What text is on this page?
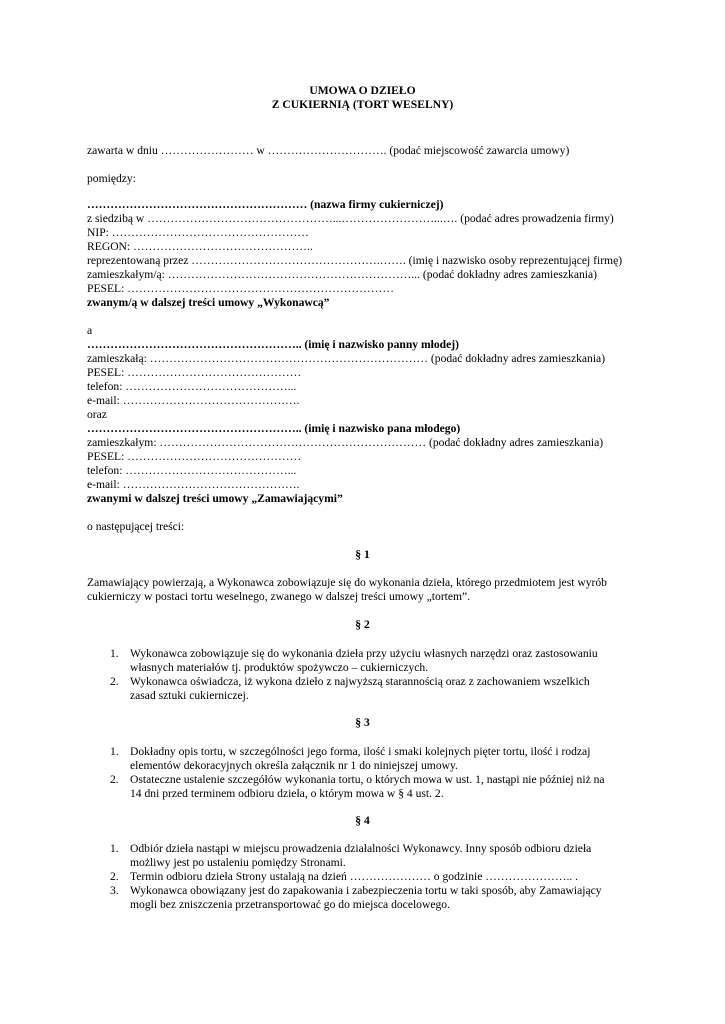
UMOWA O DZIEŁO
Z CUKIERNIĄ (TORT WESELNY)
zawarta w dniu …………………… w …………………………. (podać miejscowość zawarcia umowy)
pomiędzy:
………………………………………………… (nazwa firmy cukierniczej)
z siedzibą w …………………………………………...……………………...…. (podać adres prowadzenia firmy)
NIP: ……………………………………………
REGON: ………………………………………..
reprezentowaną przez ………………………………………….……. (imię i nazwisko osoby reprezentującej firmę)
zamieszkałym/ą: ………………………………………………………... (podać dokładny adres zamieszkania)
PESEL: ……………………………………………………………
zwanym/ą w dalszej treści umowy „Wykonawcą”
a
……………………………………………….. (imię i nazwisko panny młodej)
zamieszkałą: ……………………………………………………………… (podać dokładny adres zamieszkania)
PESEL: ………………………………………
telefon: ……………………………………...
e-mail: ……………………………………….
oraz
……………………………………………….. (imię i nazwisko pana młodego)
zamieszkałym: …………………………………………………………… (podać dokładny adres zamieszkania)
PESEL: ………………………………………
telefon: ……………………………………...
e-mail: ……………………………………….
zwanymi w dalszej treści umowy „Zamawiającymi”
o następującej treści:
§ 1
Zamawiający powierzają, a Wykonawca zobowiązuje się do wykonania dzieła, którego przedmiotem jest wyrób
cukierniczy w postaci tortu weselnego, zwanego w dalszej treści umowy „tortem”.
§ 2
1. Wykonawca zobowiązuje się do wykonania dzieła przy użyciu własnych narzędzi oraz zastosowaniu
własnych materiałów tj. produktów spożywczo – cukierniczych.
2. Wykonawca oświadcza, iż wykona dzieło z najwyższą starannością oraz z zachowaniem wszelkich
zasad sztuki cukierniczej.
§ 3
1. Dokładny opis tortu, w szczególności jego forma, ilość i smaki kolejnych pięter tortu, ilość i rodzaj
elementów dekoracyjnych określa załącznik nr 1 do niniejszej umowy.
2. Ostateczne ustalenie szczegółów wykonania tortu, o których mowa w ust. 1, nastąpi nie później niż na
14 dni przed terminem odbioru dzieła, o którym mowa w § 4 ust. 2.
§ 4
1. Odbiór dzieła nastąpi w miejscu prowadzenia działalności Wykonawcy. Inny sposób odbioru dzieła
możliwy jest po ustaleniu pomiędzy Stronami.
2. Termin odbioru dzieła Strony ustalają na dzień ………………… o godzinie ………………….. .
3. Wykonawca obowiązany jest do zapakowania i zabezpieczenia tortu w taki sposób, aby Zamawiający
mogli bez zniszczenia przetransportować go do miejsca docelowego.
